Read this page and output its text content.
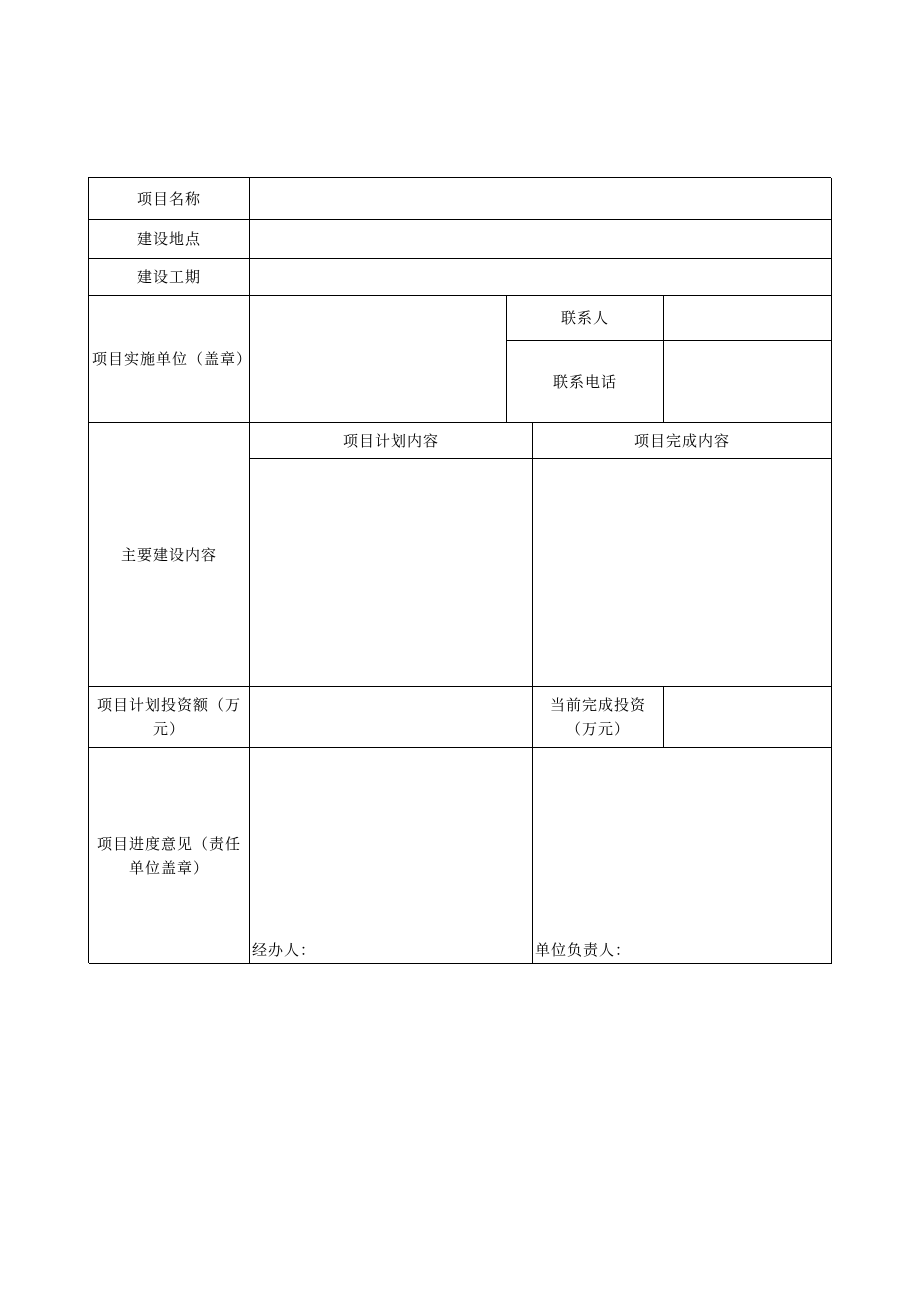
项目名称
建设地点
建设工期
项目实施单位（盖章）
联系人
联系电话
主要建设内容
项目计划内容	项目完成内容
项目计划投资额（万元）
当前完成投资（万元）
项目进度意见（责任单位盖章）
经办人：	单位负责人：
